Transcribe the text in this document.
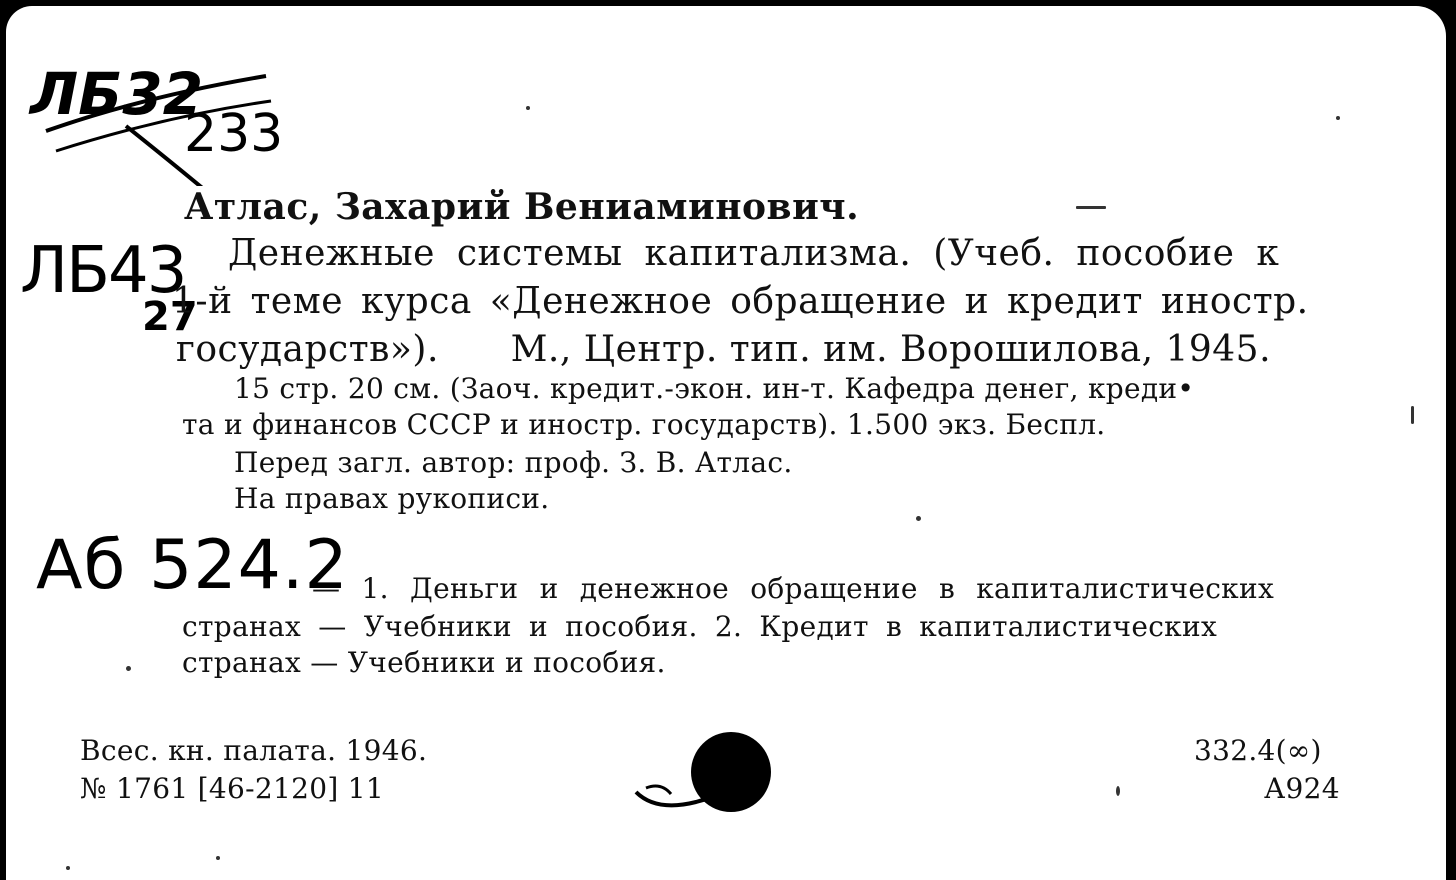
ЛБ32
233
ЛБ43
27
Аб 524.2
Атлас, Захарий Вениаминович.
Денежные системы капитализма. (Учеб. пособие к
1-й теме курса «Денежное обращение и кредит иностр.
государств»).      М., Центр. тип. им. Ворошилова, 1945.
15 стр. 20 см. (Заоч. кредит.-экон. ин-т. Кафедра денег, креди•
та и финансов СССР и иностр. государств). 1.500 экз. Беспл.
Перед загл. автор: проф. З. В. Атлас.
На правах рукописи.
— 1. Деньги и денежное обращение в капиталистических
странах — Учебники и пособия. 2. Кредит в капиталистических
странах — Учебники и пособия.
Всес. кн. палата. 1946.
№ 1761 [46-2120] 11
332.4(∞)
А924
